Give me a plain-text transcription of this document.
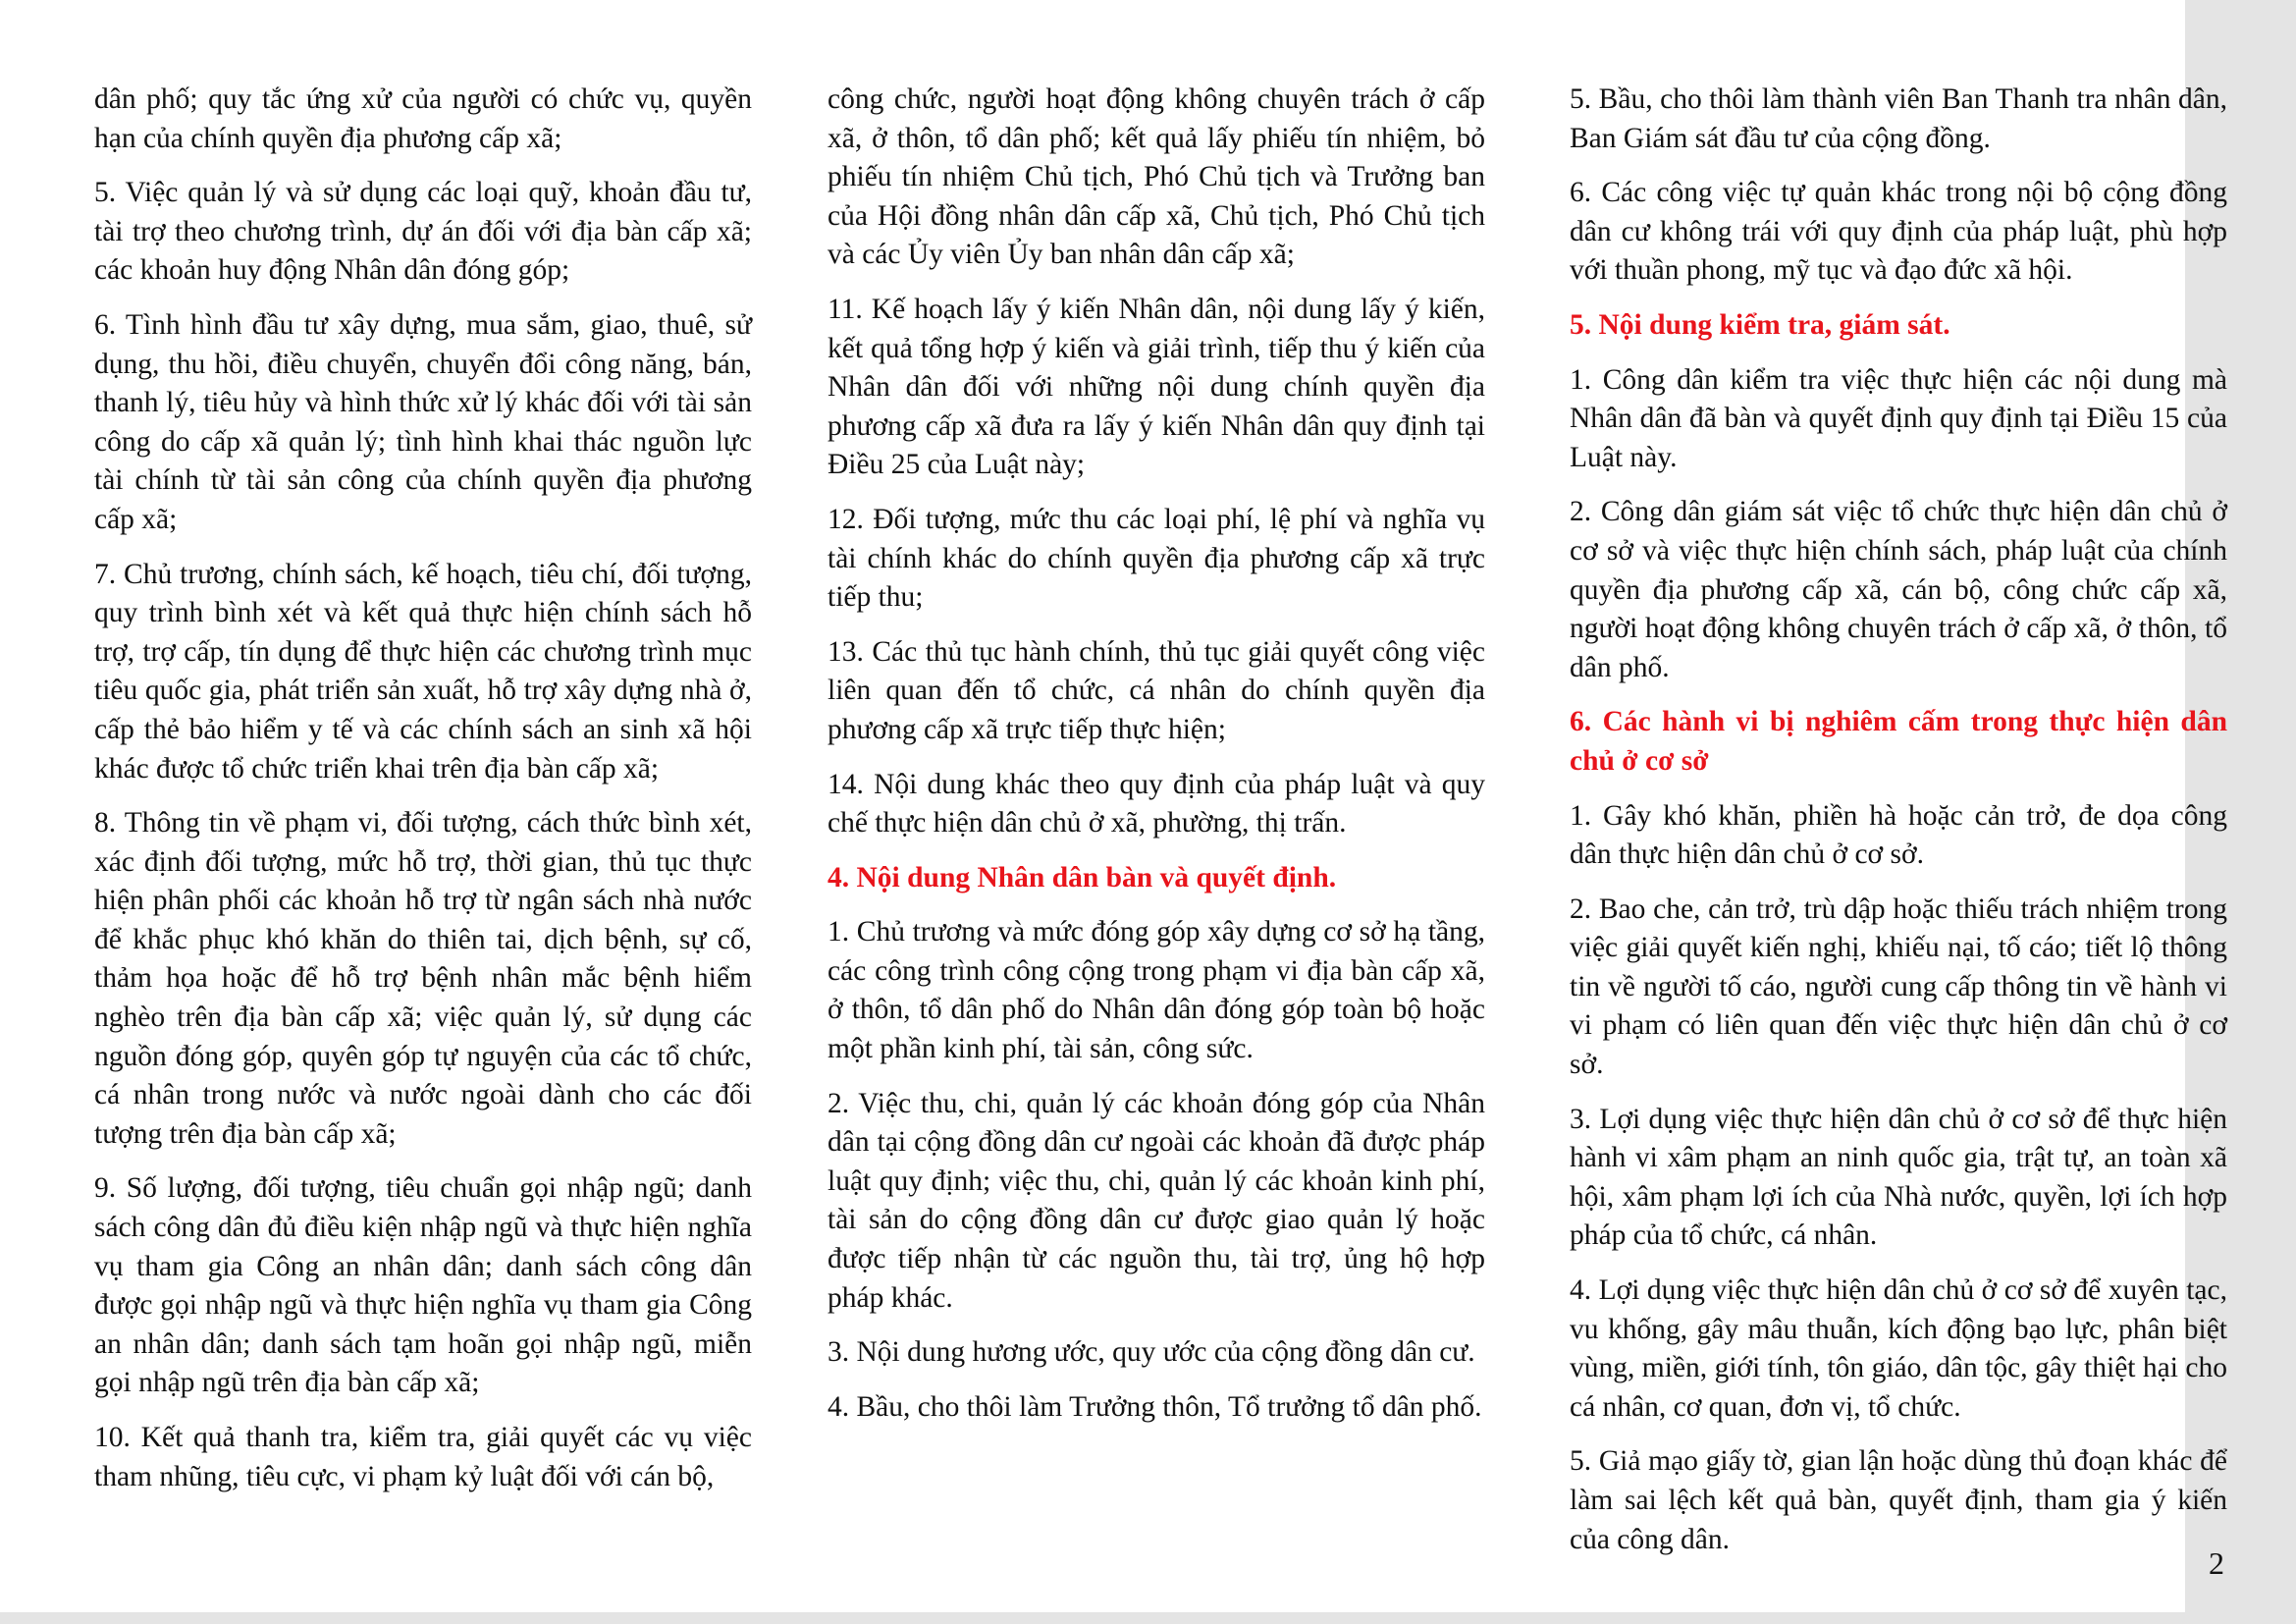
dân phố; quy tắc ứng xử của người có chức vụ, quyền hạn của chính quyền địa phương cấp xã;

5. Việc quản lý và sử dụng các loại quỹ, khoản đầu tư, tài trợ theo chương trình, dự án đối với địa bàn cấp xã; các khoản huy động Nhân dân đóng góp;

6. Tình hình đầu tư xây dựng, mua sắm, giao, thuê, sử dụng, thu hồi, điều chuyển, chuyển đổi công năng, bán, thanh lý, tiêu hủy và hình thức xử lý khác đối với tài sản công do cấp xã quản lý; tình hình khai thác nguồn lực tài chính từ tài sản công của chính quyền địa phương cấp xã;

7. Chủ trương, chính sách, kế hoạch, tiêu chí, đối tượng, quy trình bình xét và kết quả thực hiện chính sách hỗ trợ, trợ cấp, tín dụng để thực hiện các chương trình mục tiêu quốc gia, phát triển sản xuất, hỗ trợ xây dựng nhà ở, cấp thẻ bảo hiểm y tế và các chính sách an sinh xã hội khác được tổ chức triển khai trên địa bàn cấp xã;

8. Thông tin về phạm vi, đối tượng, cách thức bình xét, xác định đối tượng, mức hỗ trợ, thời gian, thủ tục thực hiện phân phối các khoản hỗ trợ từ ngân sách nhà nước để khắc phục khó khăn do thiên tai, dịch bệnh, sự cố, thảm họa hoặc để hỗ trợ bệnh nhân mắc bệnh hiểm nghèo trên địa bàn cấp xã; việc quản lý, sử dụng các nguồn đóng góp, quyên góp tự nguyện của các tổ chức, cá nhân trong nước và nước ngoài dành cho các đối tượng trên địa bàn cấp xã;

9. Số lượng, đối tượng, tiêu chuẩn gọi nhập ngũ; danh sách công dân đủ điều kiện nhập ngũ và thực hiện nghĩa vụ tham gia Công an nhân dân; danh sách công dân được gọi nhập ngũ và thực hiện nghĩa vụ tham gia Công an nhân dân; danh sách tạm hoãn gọi nhập ngũ, miễn gọi nhập ngũ trên địa bàn cấp xã;

10. Kết quả thanh tra, kiểm tra, giải quyết các vụ việc tham nhũng, tiêu cực, vi phạm kỷ luật đối với cán bộ,

công chức, người hoạt động không chuyên trách ở cấp xã, ở thôn, tổ dân phố; kết quả lấy phiếu tín nhiệm, bỏ phiếu tín nhiệm Chủ tịch, Phó Chủ tịch và Trưởng ban của Hội đồng nhân dân cấp xã, Chủ tịch, Phó Chủ tịch và các Ủy viên Ủy ban nhân dân cấp xã;

11. Kế hoạch lấy ý kiến Nhân dân, nội dung lấy ý kiến, kết quả tổng hợp ý kiến và giải trình, tiếp thu ý kiến của Nhân dân đối với những nội dung chính quyền địa phương cấp xã đưa ra lấy ý kiến Nhân dân quy định tại Điều 25 của Luật này;

12. Đối tượng, mức thu các loại phí, lệ phí và nghĩa vụ tài chính khác do chính quyền địa phương cấp xã trực tiếp thu;

13. Các thủ tục hành chính, thủ tục giải quyết công việc liên quan đến tổ chức, cá nhân do chính quyền địa phương cấp xã trực tiếp thực hiện;

14. Nội dung khác theo quy định của pháp luật và quy chế thực hiện dân chủ ở xã, phường, thị trấn.

4. Nội dung Nhân dân bàn và quyết định.

1. Chủ trương và mức đóng góp xây dựng cơ sở hạ tầng, các công trình công cộng trong phạm vi địa bàn cấp xã, ở thôn, tổ dân phố do Nhân dân đóng góp toàn bộ hoặc một phần kinh phí, tài sản, công sức.

2. Việc thu, chi, quản lý các khoản đóng góp của Nhân dân tại cộng đồng dân cư ngoài các khoản đã được pháp luật quy định; việc thu, chi, quản lý các khoản kinh phí, tài sản do cộng đồng dân cư được giao quản lý hoặc được tiếp nhận từ các nguồn thu, tài trợ, ủng hộ hợp pháp khác.

3. Nội dung hương ước, quy ước của cộng đồng dân cư.

4. Bầu, cho thôi làm Trưởng thôn, Tổ trưởng tổ dân phố.

5. Bầu, cho thôi làm thành viên Ban Thanh tra nhân dân, Ban Giám sát đầu tư của cộng đồng.

6. Các công việc tự quản khác trong nội bộ cộng đồng dân cư không trái với quy định của pháp luật, phù hợp với thuần phong, mỹ tục và đạo đức xã hội.

5. Nội dung kiểm tra, giám sát.

1. Công dân kiểm tra việc thực hiện các nội dung mà Nhân dân đã bàn và quyết định quy định tại Điều 15 của Luật này.

2. Công dân giám sát việc tổ chức thực hiện dân chủ ở cơ sở và việc thực hiện chính sách, pháp luật của chính quyền địa phương cấp xã, cán bộ, công chức cấp xã, người hoạt động không chuyên trách ở cấp xã, ở thôn, tổ dân phố.

6. Các hành vi bị nghiêm cấm trong thực hiện dân chủ ở cơ sở

1. Gây khó khăn, phiền hà hoặc cản trở, đe dọa công dân thực hiện dân chủ ở cơ sở.

2. Bao che, cản trở, trù dập hoặc thiếu trách nhiệm trong việc giải quyết kiến nghị, khiếu nại, tố cáo; tiết lộ thông tin về người tố cáo, người cung cấp thông tin về hành vi vi phạm có liên quan đến việc thực hiện dân chủ ở cơ sở.

3. Lợi dụng việc thực hiện dân chủ ở cơ sở để thực hiện hành vi xâm phạm an ninh quốc gia, trật tự, an toàn xã hội, xâm phạm lợi ích của Nhà nước, quyền, lợi ích hợp pháp của tổ chức, cá nhân.

4. Lợi dụng việc thực hiện dân chủ ở cơ sở để xuyên tạc, vu khống, gây mâu thuẫn, kích động bạo lực, phân biệt vùng, miền, giới tính, tôn giáo, dân tộc, gây thiệt hại cho cá nhân, cơ quan, đơn vị, tổ chức.

5. Giả mạo giấy tờ, gian lận hoặc dùng thủ đoạn khác để làm sai lệch kết quả bàn, quyết định, tham gia ý kiến của công dân.

2
